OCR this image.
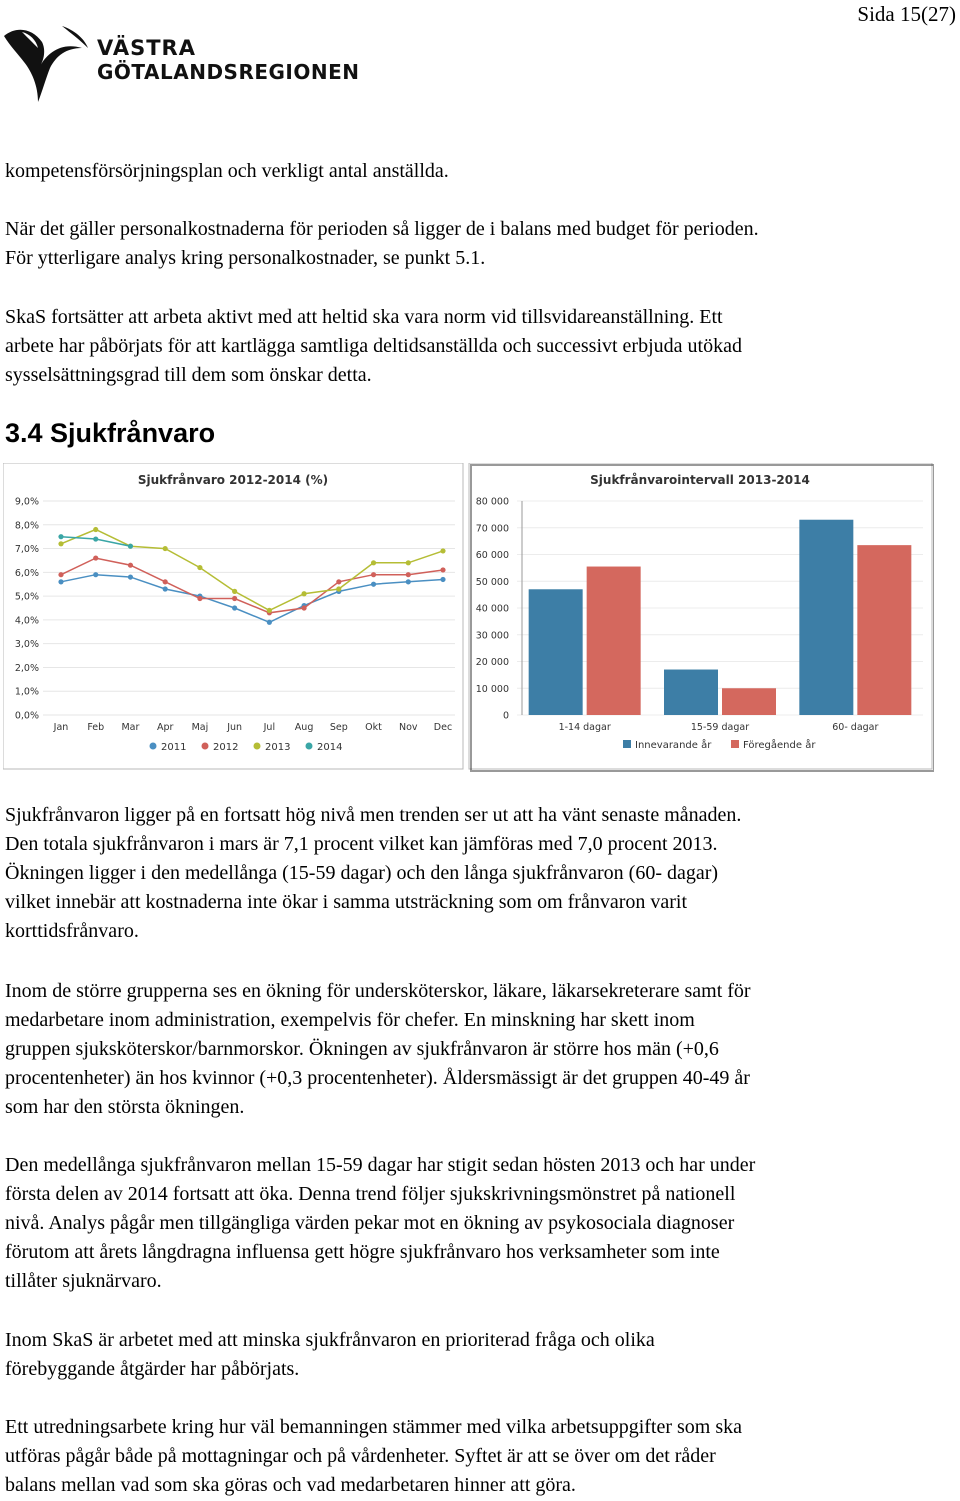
Sida 15(27)
VÄSTRA
GÖTALANDSREGIONEN

kompetensförsörjningsplan och verkligt antal anställda.

När det gäller personalkostnaderna för perioden så ligger de i balans med budget för perioden.
För ytterligare analys kring personalkostnader, se punkt 5.1.

SkaS fortsätter att arbeta aktivt med att heltid ska vara norm vid tillsvidareanställning. Ett
arbete har påbörjats för att kartlägga samtliga deltidsanställda och successivt erbjuda utökad
sysselsättningsgrad till dem som önskar detta.

3.4 Sjukfrånvaro
Sjukfrånvaro 2012-2014 (%)
0,0%
1,0%
2,0%
3,0%
4,0%
5,0%
6,0%
7,0%
8,0%
9,0%
Jan Feb Mar Apr Maj Jun Jul Aug Sep Okt Nov Dec
2011	2012	2013	2014
Sjukfrånvarointervall 2013-2014
0
10 000
20 000
30 000
40 000
50 000
60 000
70 000
80 000
1-14 dagar	15-59 dagar	60- dagar
Innevarande år	Föregående år

Sjukfrånvaron ligger på en fortsatt hög nivå men trenden ser ut att ha vänt senaste månaden.
Den totala sjukfrånvaron i mars är 7,1 procent vilket kan jämföras med 7,0 procent 2013.
Ökningen ligger i den medellånga (15-59 dagar) och den långa sjukfrånvaron (60- dagar)
vilket innebär att kostnaderna inte ökar i samma utsträckning som om frånvaron varit
korttidsfrånvaro.

Inom de större grupperna ses en ökning för undersköterskor, läkare, läkarsekreterare samt för
medarbetare inom administration, exempelvis för chefer. En minskning har skett inom
gruppen sjuksköterskor/barnmorskor. Ökningen av sjukfrånvaron är större hos män (+0,6
procentenheter) än hos kvinnor (+0,3 procentenheter). Åldersmässigt är det gruppen 40-49 år
som har den största ökningen.

Den medellånga sjukfrånvaron mellan 15-59 dagar har stigit sedan hösten 2013 och har under
första delen av 2014 fortsatt att öka. Denna trend följer sjukskrivningsmönstret på nationell
nivå. Analys pågår men tillgängliga värden pekar mot en ökning av psykosociala diagnoser
förutom att årets långdragna influensa gett högre sjukfrånvaro hos verksamheter som inte
tillåter sjuknärvaro.

Inom SkaS är arbetet med att minska sjukfrånvaron en prioriterad fråga och olika
förebyggande åtgärder har påbörjats.

Ett utredningsarbete kring hur väl bemanningen stämmer med vilka arbetsuppgifter som ska
utföras pågår både på mottagningar och på vårdenheter. Syftet är att se över om det råder
balans mellan vad som ska göras och vad medarbetaren hinner att göra.
